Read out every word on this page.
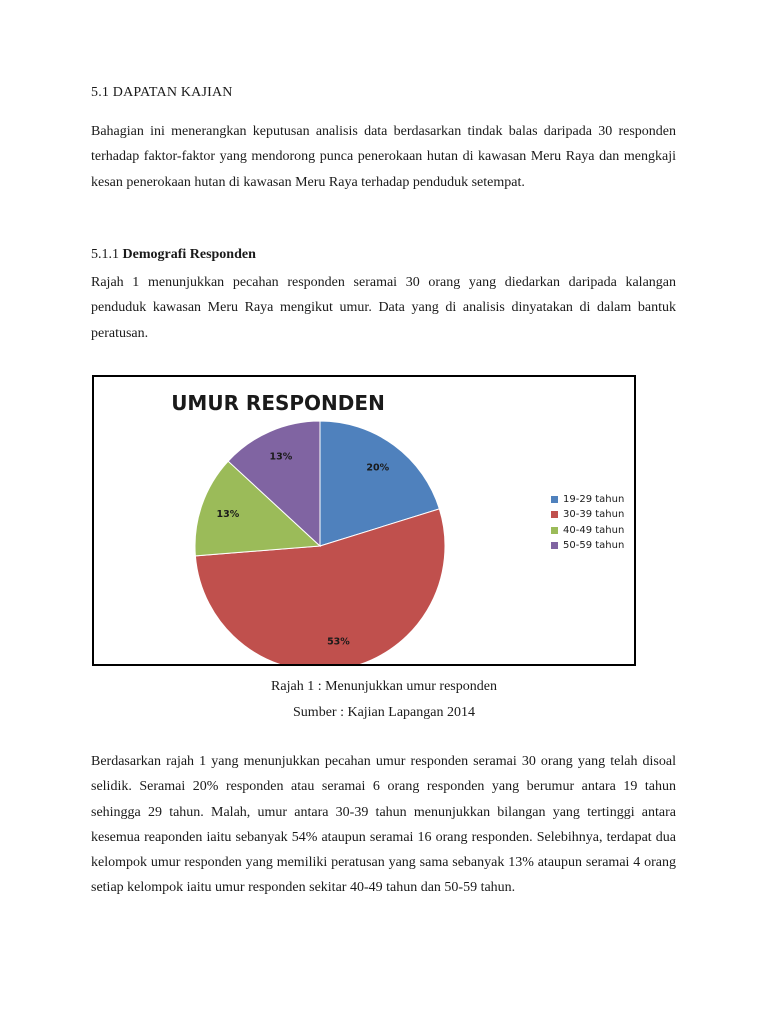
5.1 DAPATAN KAJIAN
Bahagian ini menerangkan keputusan analisis data berdasarkan tindak balas daripada 30 responden terhadap faktor-faktor yang mendorong punca penerokaan hutan di kawasan Meru Raya dan mengkaji kesan penerokaan hutan di kawasan Meru Raya terhadap penduduk setempat.
5.1.1 Demografi Responden
Rajah 1 menunjukkan pecahan responden seramai 30 orang yang diedarkan daripada kalangan penduduk kawasan Meru Raya mengikut umur. Data yang di analisis dinyatakan di dalam bantuk peratusan.
Berdasarkan rajah 1 yang menunjukkan pecahan umur responden seramai 30 orang yang telah disoal selidik. Seramai 20% responden atau seramai 6 orang responden yang berumur antara 19 tahun sehingga 29 tahun. Malah, umur antara 30-39 tahun menunjukkan bilangan yang tertinggi antara kesemua reaponden iaitu sebanyak 54% ataupun seramai 16 orang responden. Selebihnya, terdapat dua kelompok umur responden yang memiliki peratusan yang sama sebanyak 13% ataupun seramai 4 orang setiap kelompok iaitu umur responden sekitar 40-49 tahun dan 50-59 tahun.
UMUR RESPONDEN
20%
53%
13%
13%
19-29 tahun
30-39 tahun
40-49 tahun
50-59 tahun
Rajah 1 : Menunjukkan umur responden
Sumber : Kajian Lapangan 2014
